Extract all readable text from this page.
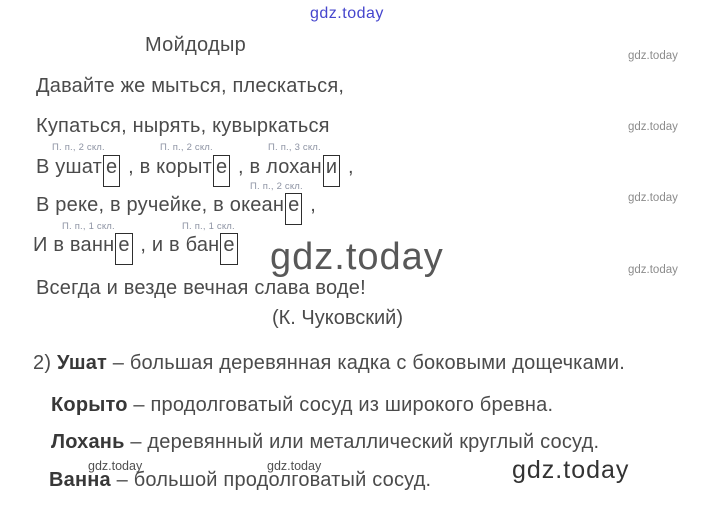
gdz.today
gdz.today
gdz.today
gdz.today
gdz.today
gdz.today
gdz.today	gdz.today	gdz.today
Мойдодыр
Давайте же мыться, плескаться,
Купаться, нырять, кувыркаться
П. п., 2 скл.	П. п., 2 скл.	П. п., 3 скл.
В ушат е , в корыт е , в лохан и ,
П. п., 2 скл.
В реке, в ручейке, в океан е ,
П. п., 1 скл.	П. п., 1 скл.
И в ванн е , и в бан е
Всегда и везде вечная слава воде!
(К. Чуковский)
2) Ушат – большая деревянная кадка с боковыми дощечками.
Корыто – продолговатый сосуд из широкого бревна.
Лохань – деревянный или металлический круглый сосуд.
Ванна – большой продолговатый сосуд.
